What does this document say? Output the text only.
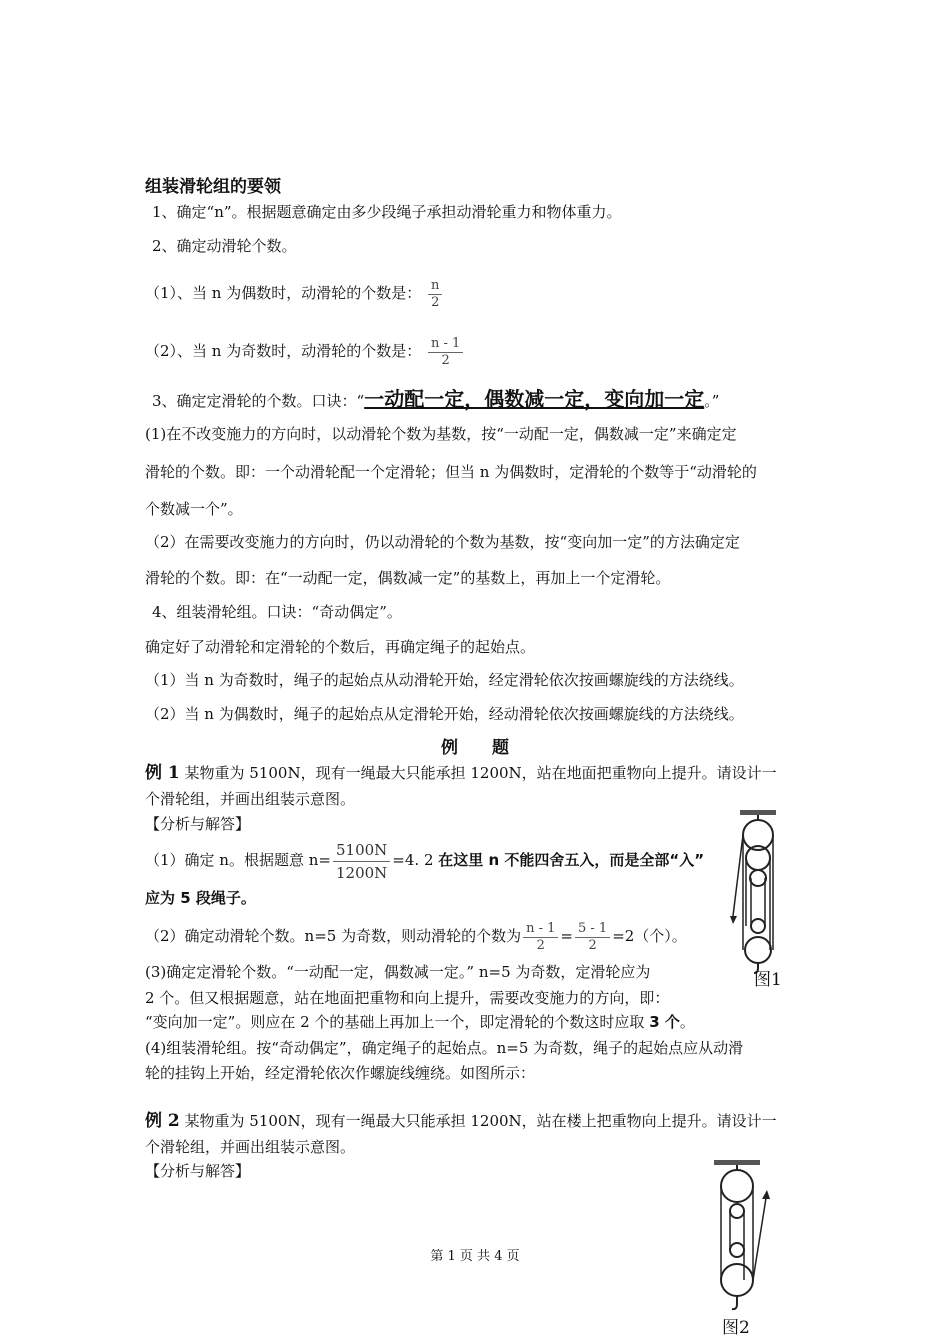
组装滑轮组的要领
1、确定“n”。根据题意确定由多少段绳子承担动滑轮重力和物体重力。
2、确定动滑轮个数。
（1）、当 n 为偶数时，动滑轮的个数是： $\frac{n}{2}$
（2）、当 n 为奇数时，动滑轮的个数是： $\frac{n - 1}{2}$
3、确定定滑轮的个数。口诀：“一动配一定，偶数减一定，变向加一定。”
(1)在不改变施力的方向时，以动滑轮个数为基数，按“一动配一定，偶数减一定”来确定定
滑轮的个数。即：一个动滑轮配一个定滑轮；但当 n 为偶数时，定滑轮的个数等于“动滑轮的
个数减一个”。
（2）在需要改变施力的方向时，仍以动滑轮的个数为基数，按“变向加一定”的方法确定定
滑轮的个数。即：在“一动配一定，偶数减一定”的基数上，再加上一个定滑轮。
4、组装滑轮组。口诀：“奇动偶定”。
确定好了动滑轮和定滑轮的个数后，再确定绳子的起始点。
（1）当 n 为奇数时，绳子的起始点从动滑轮开始，经定滑轮依次按画螺旋线的方法绕线。
（2）当 n 为偶数时，绳子的起始点从定滑轮开始，经动滑轮依次按画螺旋线的方法绕线。
例　　题
例 1 某物重为 5100N，现有一绳最大只能承担 1200N，站在地面把重物向上提升。请设计一
个滑轮组，并画出组装示意图。
【分析与解答】
（1）确定 n。根据题意 $n= \frac{5100N}{1200N} =4$. 2 在这里 n 不能四舍五入，而是全部“入”
应为 5 段绳子。
（2）确定动滑轮个数。n=5 为奇数，则动滑轮的个数为 $\frac{n - 1}{2} = \frac{5 - 1}{2} =2$（个）。
(3)确定定滑轮个数。“一动配一定，偶数减一定。” n=5 为奇数，定滑轮应为
2 个。但又根据题意，站在地面把重物和向上提升，需要改变施力的方向，即：
“变向加一定”。则应在 2 个的基础上再加上一个，即定滑轮的个数这时应取 3 个。
(4)组装滑轮组。按“奇动偶定”，确定绳子的起始点。n=5 为奇数，绳子的起始点应从动滑
轮的挂钩上开始，经定滑轮依次作螺旋线缠绕。如图所示：
图1
例 2 某物重为 5100N，现有一绳最大只能承担 1200N，站在楼上把重物向上提升。请设计一
个滑轮组，并画出组装示意图。
【分析与解答】
图2
第 1 页 共 4 页
